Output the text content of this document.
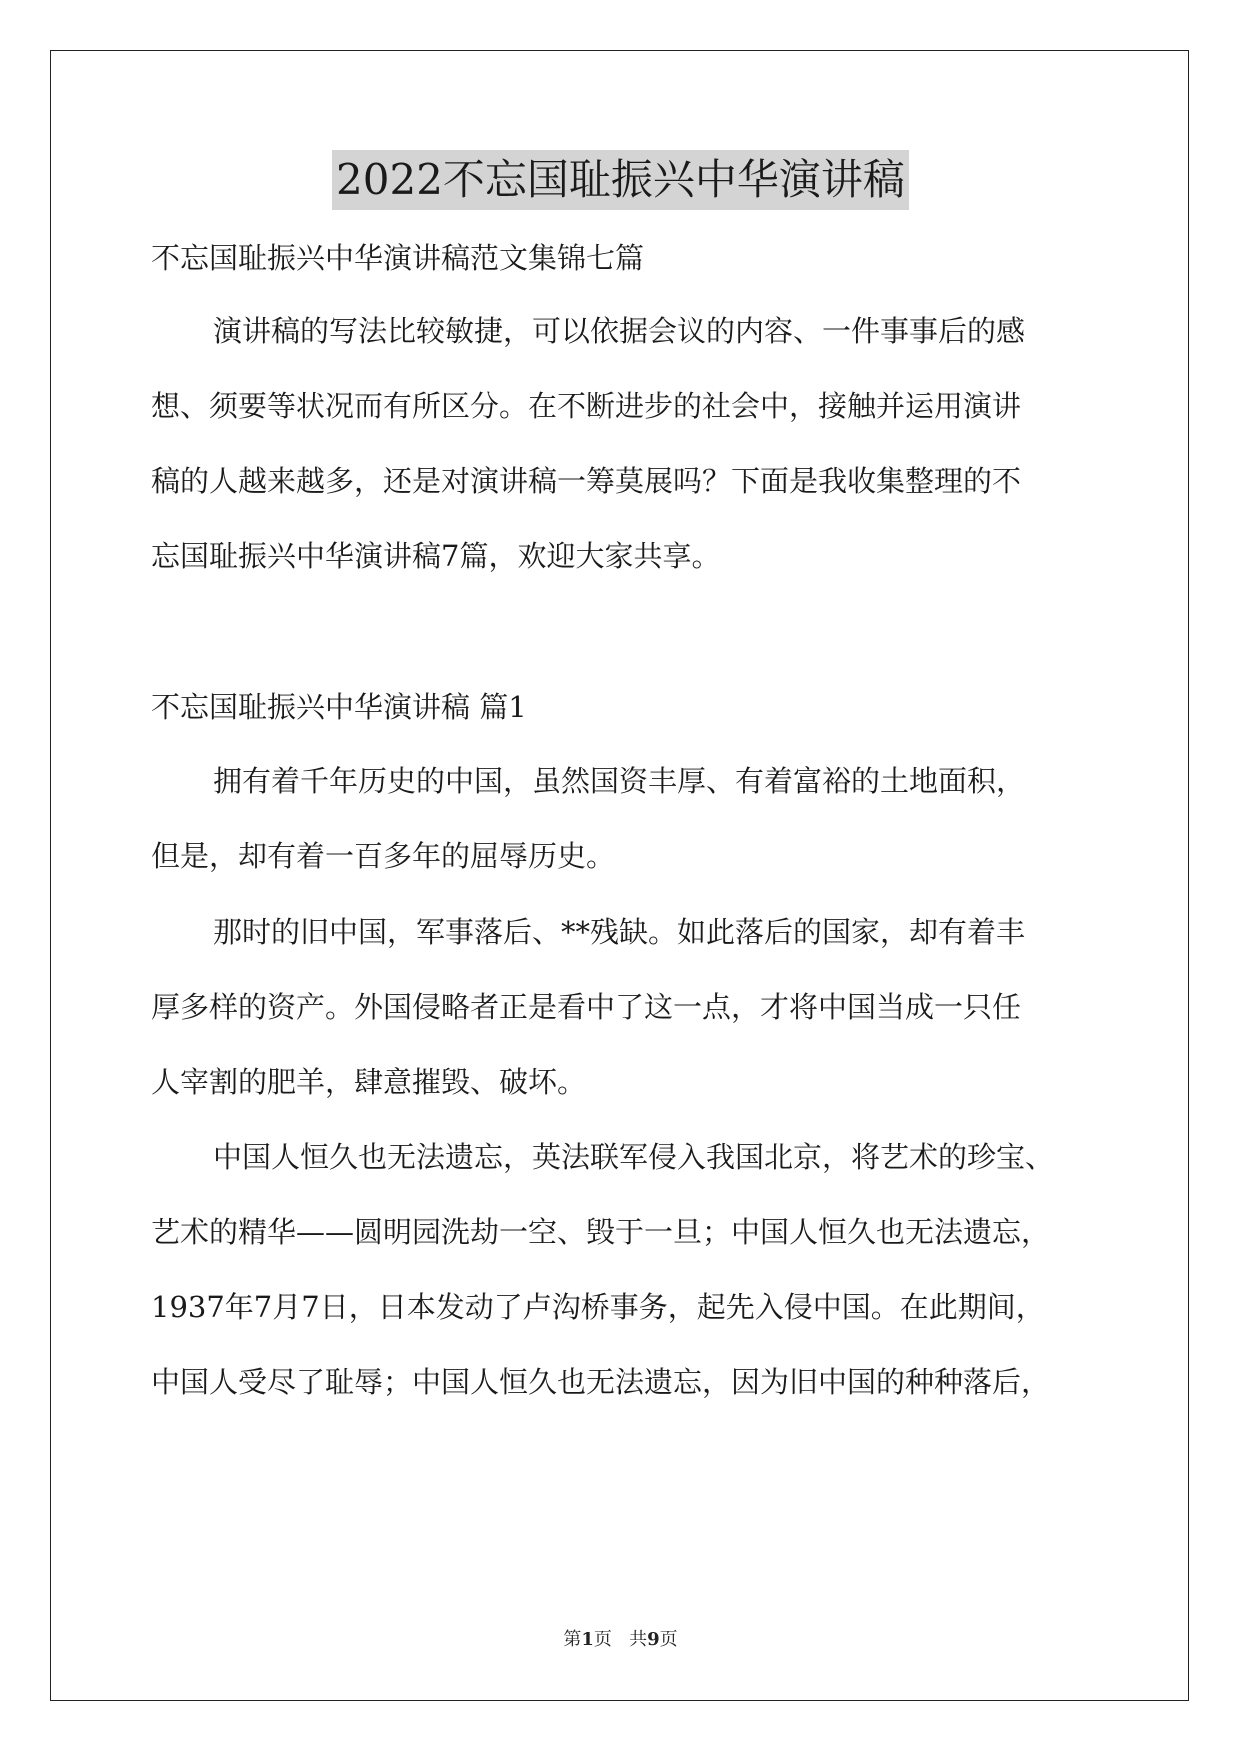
2022不忘国耻振兴中华演讲稿
不忘国耻振兴中华演讲稿范文集锦七篇
演讲稿的写法比较敏捷，可以依据会议的内容、一件事事后的感
想、须要等状况而有所区分。在不断进步的社会中，接触并运用演讲
稿的人越来越多，还是对演讲稿一筹莫展吗？下面是我收集整理的不
忘国耻振兴中华演讲稿7篇，欢迎大家共享。
不忘国耻振兴中华演讲稿 篇1
拥有着千年历史的中国，虽然国资丰厚、有着富裕的土地面积，
但是，却有着一百多年的屈辱历史。
那时的旧中国，军事落后、**残缺。如此落后的国家，却有着丰
厚多样的资产。外国侵略者正是看中了这一点，才将中国当成一只任
人宰割的肥羊，肆意摧毁、破坏。
中国人恒久也无法遗忘，英法联军侵入我国北京，将艺术的珍宝、
艺术的精华——圆明园洗劫一空、毁于一旦；中国人恒久也无法遗忘，
1937年7月7日，日本发动了卢沟桥事务，起先入侵中国。在此期间，
中国人受尽了耻辱；中国人恒久也无法遗忘，因为旧中国的种种落后，
第1页 共9页
